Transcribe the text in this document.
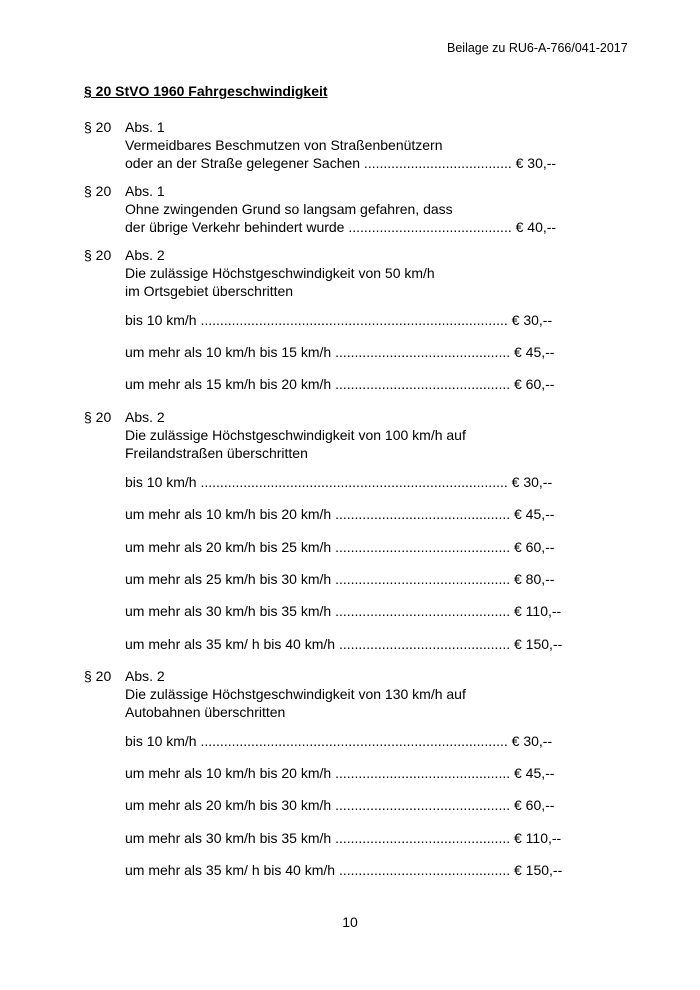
Beilage zu RU6-A-766/041-2017
§ 20 StVO 1960 Fahrgeschwindigkeit
§ 20 Abs. 1
Vermeidbares Beschmutzen von Straßenbenützern
oder an der Straße gelegener Sachen ...................................... € 30,--
§ 20 Abs. 1
Ohne zwingenden Grund so langsam gefahren, dass
der übrige Verkehr behindert wurde .......................................... € 40,--
§ 20 Abs. 2
Die zulässige Höchstgeschwindigkeit von 50 km/h
im Ortsgebiet überschritten
bis 10 km/h ............................................................................... € 30,--
um mehr als 10 km/h bis 15 km/h ............................................. € 45,--
um mehr als 15 km/h bis 20 km/h ............................................. € 60,--
§ 20 Abs. 2
Die zulässige Höchstgeschwindigkeit von 100 km/h auf
Freilandstraßen überschritten
bis 10 km/h ............................................................................... € 30,--
um mehr als 10 km/h bis 20 km/h ............................................. € 45,--
um mehr als 20 km/h bis 25 km/h ............................................. € 60,--
um mehr als 25 km/h bis 30 km/h ............................................. € 80,--
um mehr als 30 km/h bis 35 km/h ............................................. € 110,--
um mehr als 35 km/ h bis 40 km/h ............................................ € 150,--
§ 20 Abs. 2
Die zulässige Höchstgeschwindigkeit von 130 km/h auf
Autobahnen überschritten
bis 10 km/h ............................................................................... € 30,--
um mehr als 10 km/h bis 20 km/h ............................................. € 45,--
um mehr als 20 km/h bis 30 km/h ............................................. € 60,--
um mehr als 30 km/h bis 35 km/h ............................................. € 110,--
um mehr als 35 km/ h bis 40 km/h ............................................ € 150,--
10
